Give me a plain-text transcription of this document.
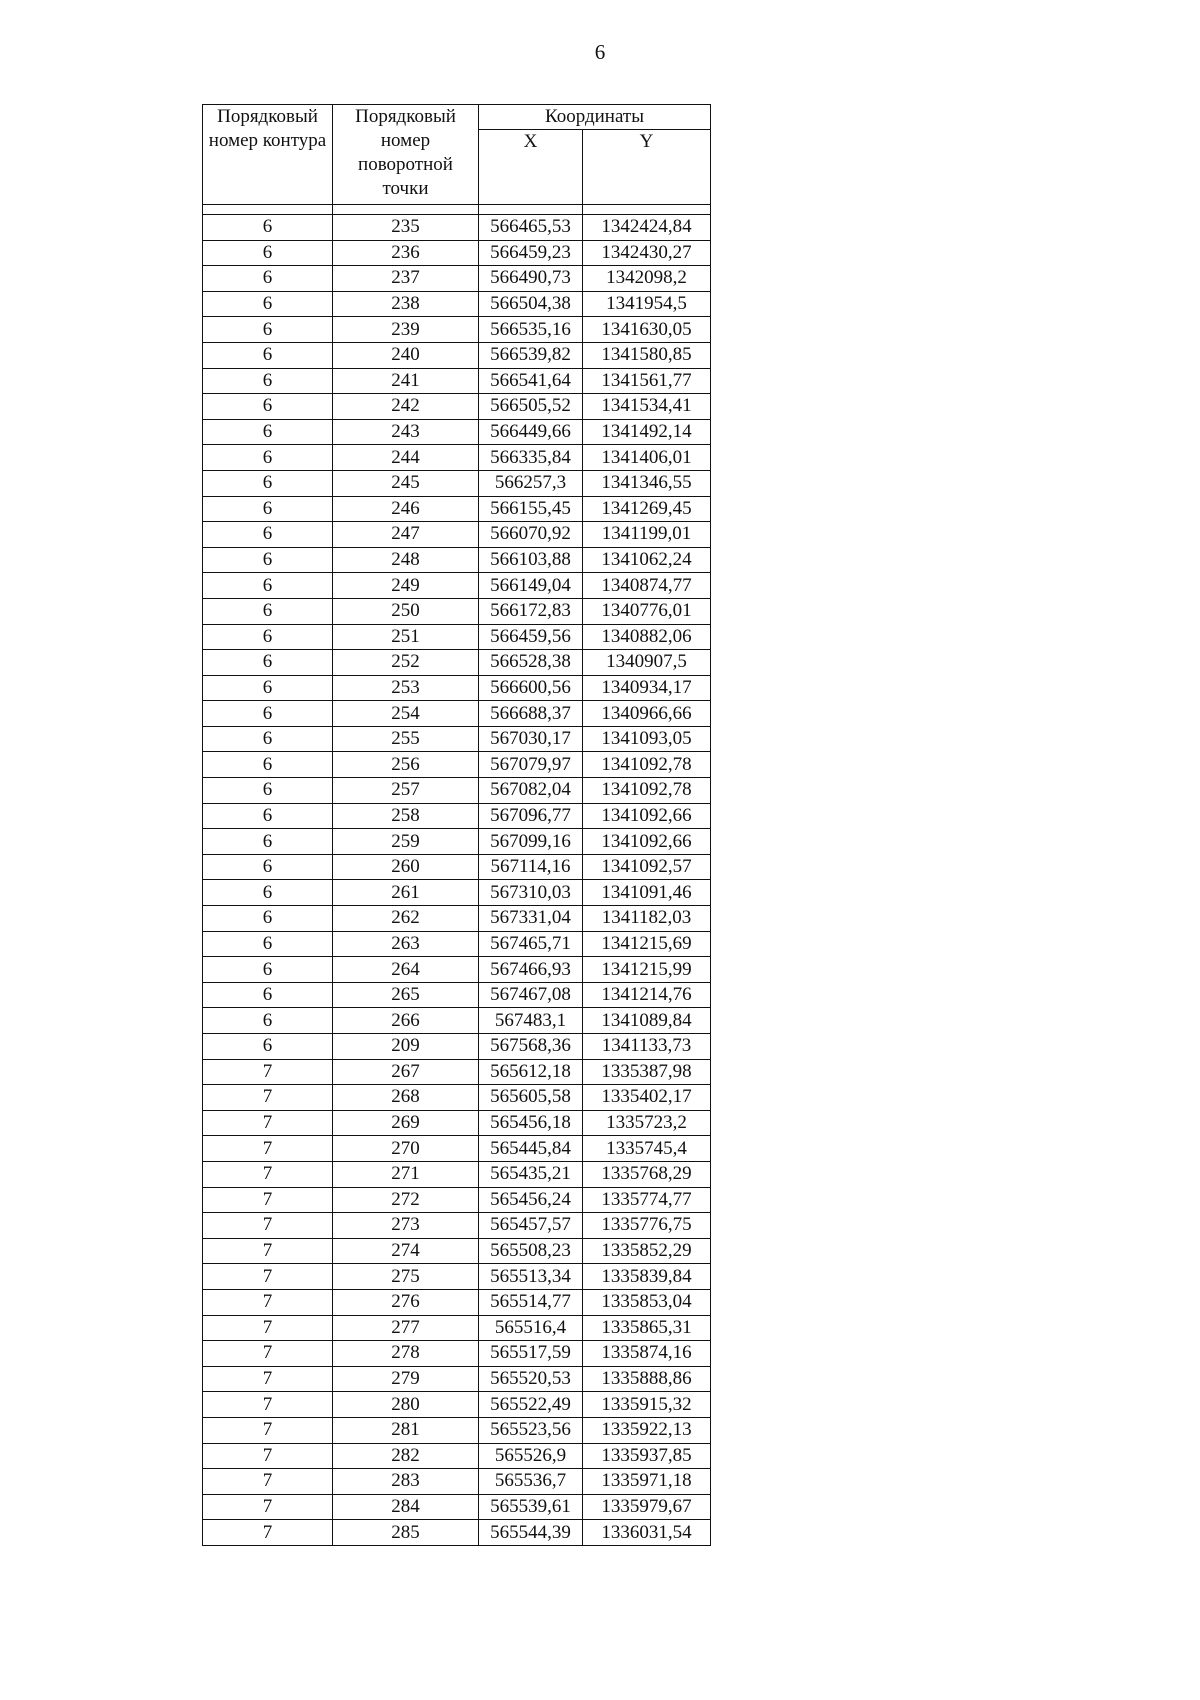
6
Порядковый номер контура	Порядковый номер поворотной точки	Координаты	
		X	Y

6	235	566465,53	1342424,84
6	236	566459,23	1342430,27
6	237	566490,73	1342098,2
6	238	566504,38	1341954,5
6	239	566535,16	1341630,05
6	240	566539,82	1341580,85
6	241	566541,64	1341561,77
6	242	566505,52	1341534,41
6	243	566449,66	1341492,14
6	244	566335,84	1341406,01
6	245	566257,3	1341346,55
6	246	566155,45	1341269,45
6	247	566070,92	1341199,01
6	248	566103,88	1341062,24
6	249	566149,04	1340874,77
6	250	566172,83	1340776,01
6	251	566459,56	1340882,06
6	252	566528,38	1340907,5
6	253	566600,56	1340934,17
6	254	566688,37	1340966,66
6	255	567030,17	1341093,05
6	256	567079,97	1341092,78
6	257	567082,04	1341092,78
6	258	567096,77	1341092,66
6	259	567099,16	1341092,66
6	260	567114,16	1341092,57
6	261	567310,03	1341091,46
6	262	567331,04	1341182,03
6	263	567465,71	1341215,69
6	264	567466,93	1341215,99
6	265	567467,08	1341214,76
6	266	567483,1	1341089,84
6	209	567568,36	1341133,73
7	267	565612,18	1335387,98
7	268	565605,58	1335402,17
7	269	565456,18	1335723,2
7	270	565445,84	1335745,4
7	271	565435,21	1335768,29
7	272	565456,24	1335774,77
7	273	565457,57	1335776,75
7	274	565508,23	1335852,29
7	275	565513,34	1335839,84
7	276	565514,77	1335853,04
7	277	565516,4	1335865,31
7	278	565517,59	1335874,16
7	279	565520,53	1335888,86
7	280	565522,49	1335915,32
7	281	565523,56	1335922,13
7	282	565526,9	1335937,85
7	283	565536,7	1335971,18
7	284	565539,61	1335979,67
7	285	565544,39	1336031,54
